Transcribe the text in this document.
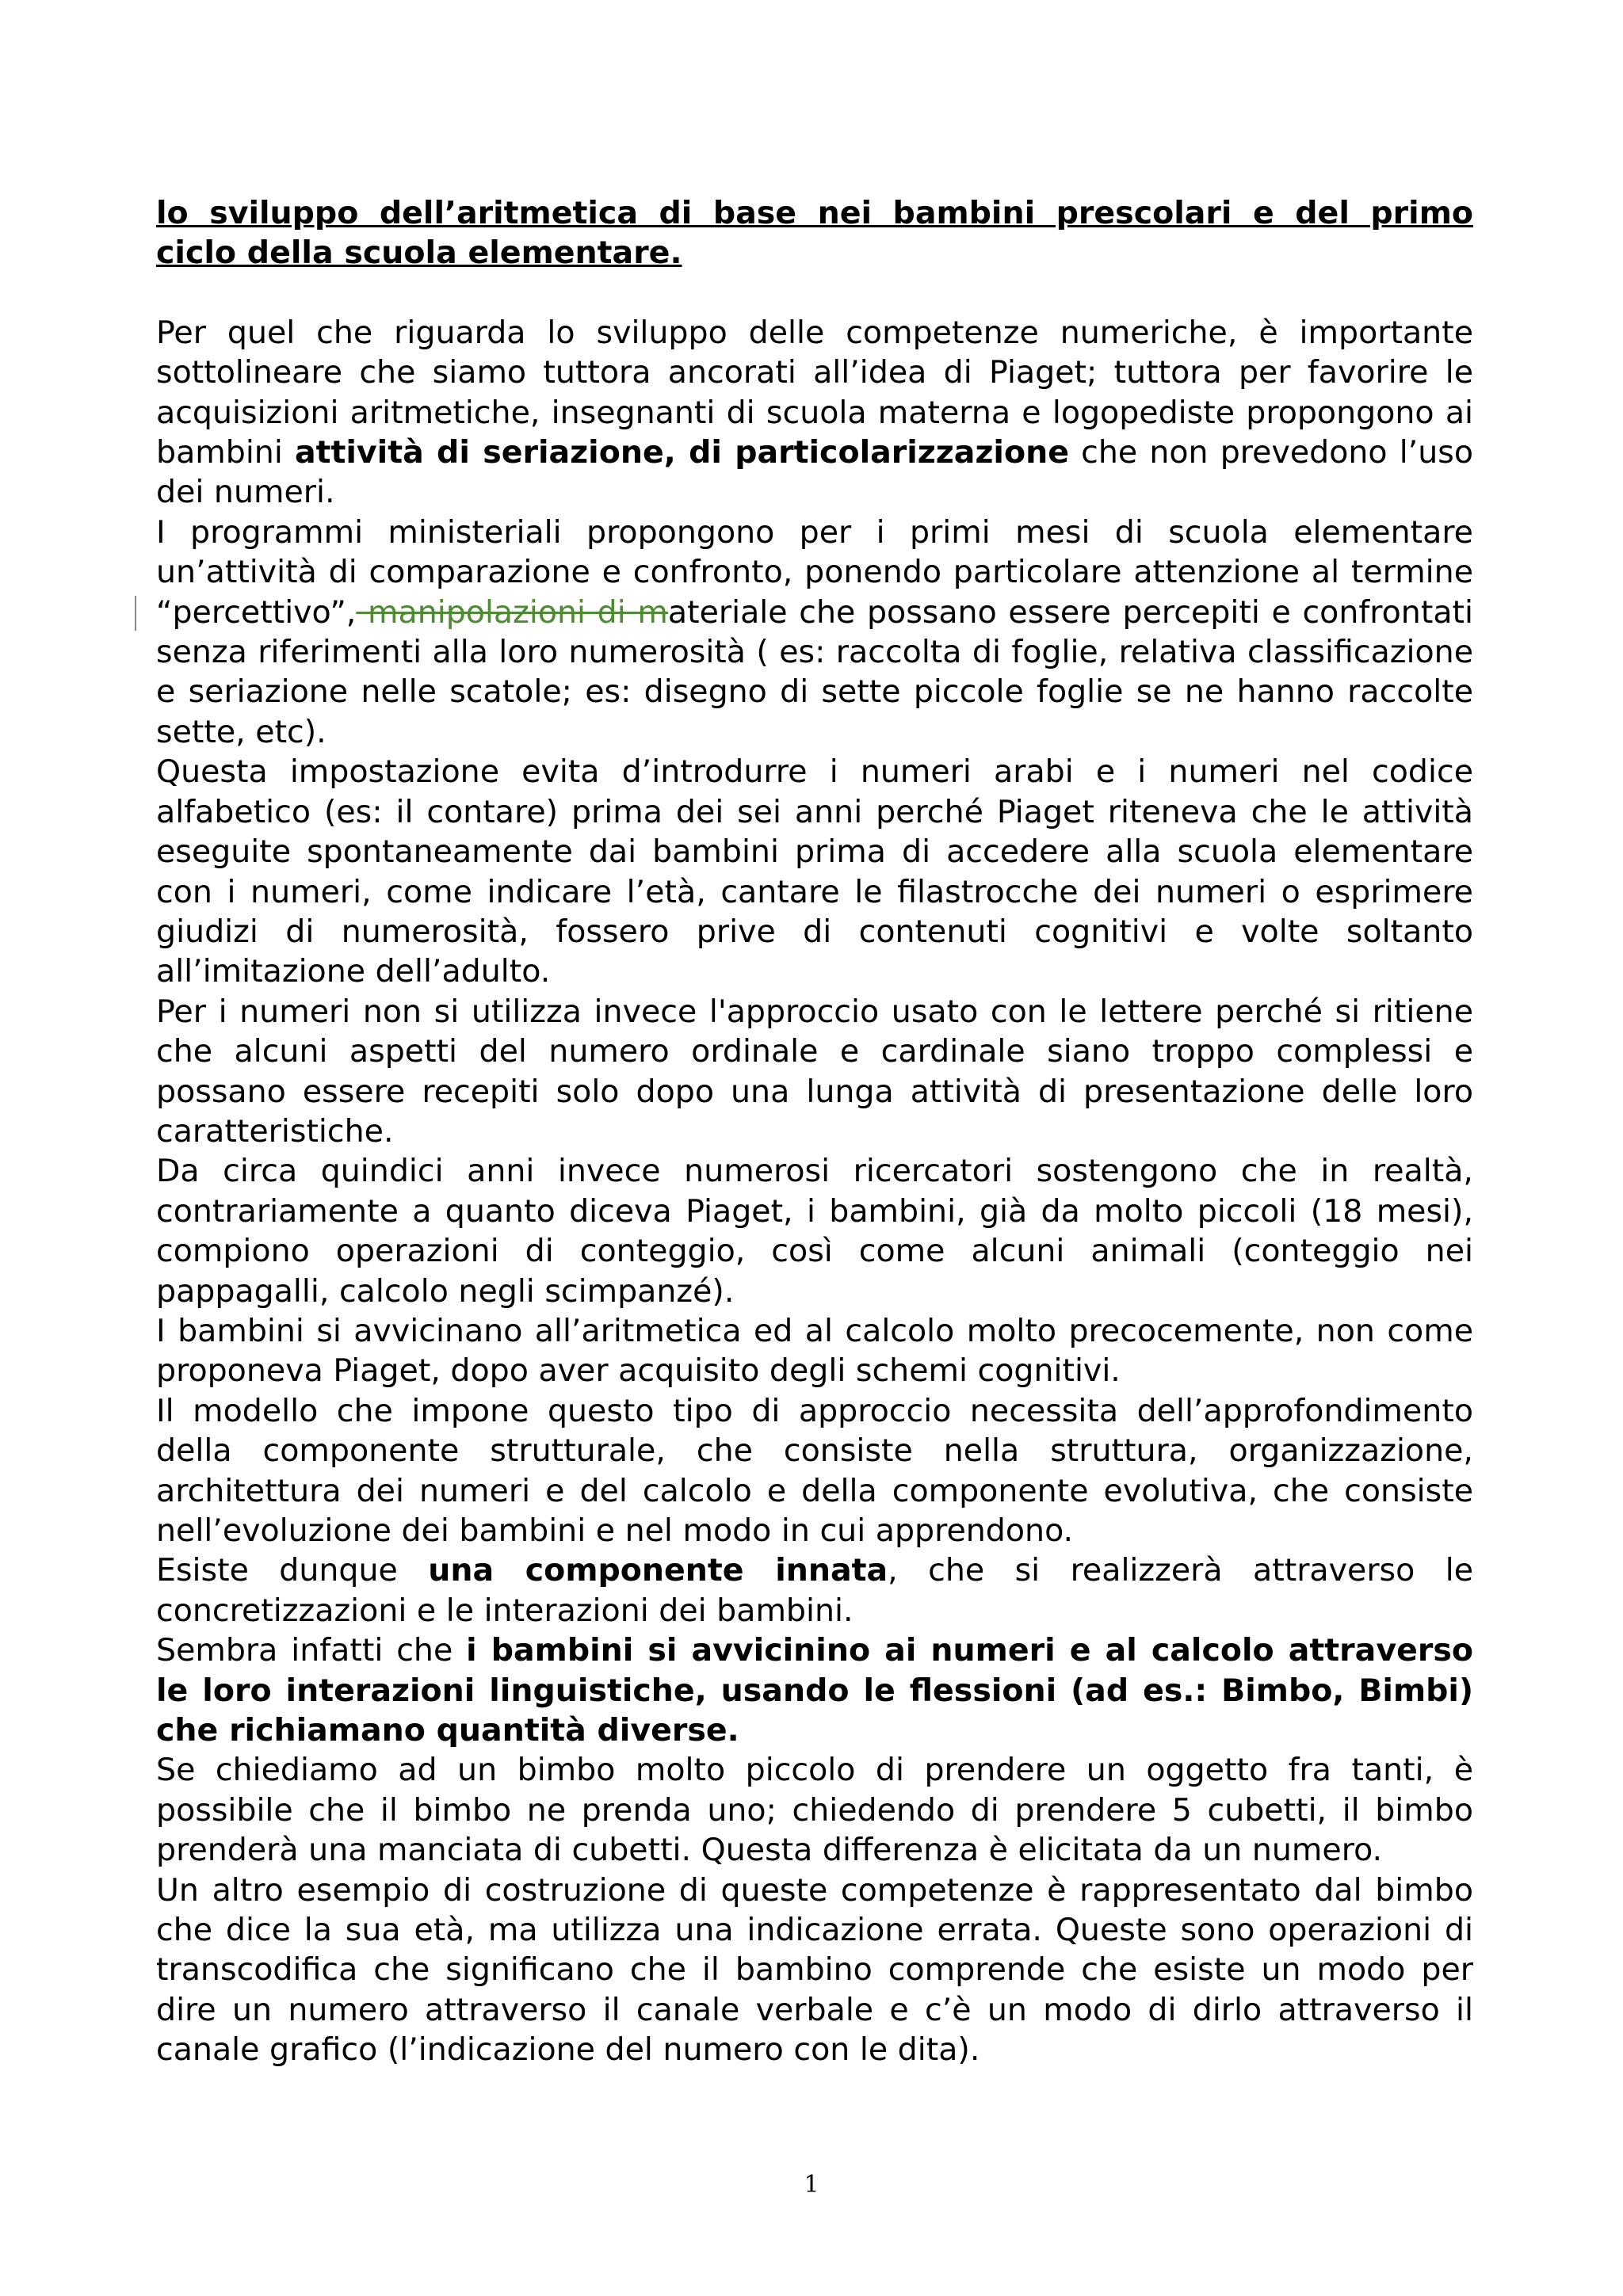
lo sviluppo dell’aritmetica di base nei bambini prescolari e del primo
ciclo della scuola elementare.

Per quel che riguarda lo sviluppo delle competenze numeriche, è importante sottolineare che siamo tuttora ancorati all’idea di Piaget; tuttora per favorire le acquisizioni aritmetiche, insegnanti di scuola materna e logopediste propongono ai bambini attività di seriazione, di particolarizzazione che non prevedono l’uso dei numeri.

I programmi ministeriali propongono per i primi mesi di scuola elementare un’attività di comparazione e confronto, ponendo particolare attenzione al termine “percettivo”, manipolazioni di materiale che possano essere percepiti e confrontati senza riferimenti alla loro numerosità ( es: raccolta di foglie, relativa classificazione e seriazione nelle scatole; es: disegno di sette piccole foglie se ne hanno raccolte sette, etc).

Questa impostazione evita d’introdurre i numeri arabi e i numeri nel codice alfabetico (es: il contare) prima dei sei anni perché Piaget riteneva che le attività eseguite spontaneamente dai bambini prima di accedere alla scuola elementare con i numeri, come indicare l’età, cantare le filastrocche dei numeri o esprimere giudizi di numerosità, fossero prive di contenuti cognitivi e volte soltanto all’imitazione dell’adulto.

Per i numeri non si utilizza invece l'approccio usato con le lettere perché si ritiene che alcuni aspetti del numero ordinale e cardinale siano troppo complessi e possano essere recepiti solo dopo una lunga attività di presentazione delle loro caratteristiche.

Da circa quindici anni invece numerosi ricercatori sostengono che in realtà, contrariamente a quanto diceva Piaget, i bambini, già da molto piccoli (18 mesi), compiono operazioni di conteggio, così come alcuni animali (conteggio nei pappagalli, calcolo negli scimpanzé).

I bambini si avvicinano all’aritmetica ed al calcolo molto precocemente, non come proponeva Piaget, dopo aver acquisito degli schemi cognitivi.

Il modello che impone questo tipo di approccio necessita dell’approfondimento della componente strutturale, che consiste nella struttura, organizzazione, architettura dei numeri e del calcolo e della componente evolutiva, che consiste nell’evoluzione dei bambini e nel modo in cui apprendono.

Esiste dunque una componente innata, che si realizzerà attraverso le concretizzazioni e le interazioni dei bambini.

Sembra infatti che i bambini si avvicinino ai numeri e al calcolo attraverso le loro interazioni linguistiche, usando le flessioni (ad es.: Bimbo, Bimbi) che richiamano quantità diverse.

Se chiediamo ad un bimbo molto piccolo di prendere un oggetto fra tanti, è possibile che il bimbo ne prenda uno; chiedendo di prendere 5 cubetti, il bimbo prenderà una manciata di cubetti. Questa differenza è elicitata da un numero.

Un altro esempio di costruzione di queste competenze è rappresentato dal bimbo che dice la sua età, ma utilizza una indicazione errata. Queste sono operazioni di transcodifica che significano che il bambino comprende che esiste un modo per dire un numero attraverso il canale verbale e c’è un modo di dirlo attraverso il canale grafico (l’indicazione del numero con le dita).

1
